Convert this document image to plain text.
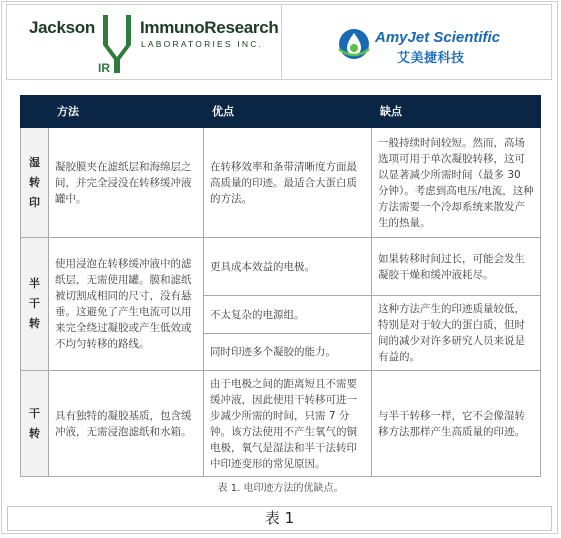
Jackson
IR
ImmunoResearch
LABORATORIES INC.	AmyJet Scientific
艾美捷科技
	方法	优点	缺点
湿转印	凝胶膜夹在滤纸层和海绵层之间，并完全浸没在转移缓冲液罐中。	在转移效率和条带清晰度方面最高质量的印迹。最适合大蛋白质的方法。	一般持续时间较短。然而，高场选项可用于单次凝胶转移，这可以显著减少所需时间（最多 30 分钟）。考虑到高电压/电流，这种方法需要一个冷却系统来散发产生的热量。
半干转	使用浸泡在转移缓冲液中的滤纸层，无需使用罐。膜和滤纸被切割成相同的尺寸，没有悬垂。这避免了产生电流可以用来完全绕过凝胶或产生低效或不均匀转移的路线。	更具成本效益的电极。	如果转移时间过长，可能会发生凝胶干燥和缓冲液耗尽。
		不太复杂的电源组。	这种方法产生的印迹质量较低，特别是对于较大的蛋白质，但时间的减少对许多研究人员来说是有益的。
		同时印迹多个凝胶的能力。	
干转	具有独特的凝胶基质，包含缓冲液，无需浸泡滤纸和水箱。	由于电极之间的距离短且不需要缓冲液，因此使用干转移可进一步减少所需的时间，只需 7 分钟。该方法使用不产生氧气的铜电极，氧气是湿法和半干法转印中印迹变形的常见原因。	与半干转移一样，它不会像湿转移方法那样产生高质量的印迹。
表 1. 电印迹方法的优缺点。
表 1
